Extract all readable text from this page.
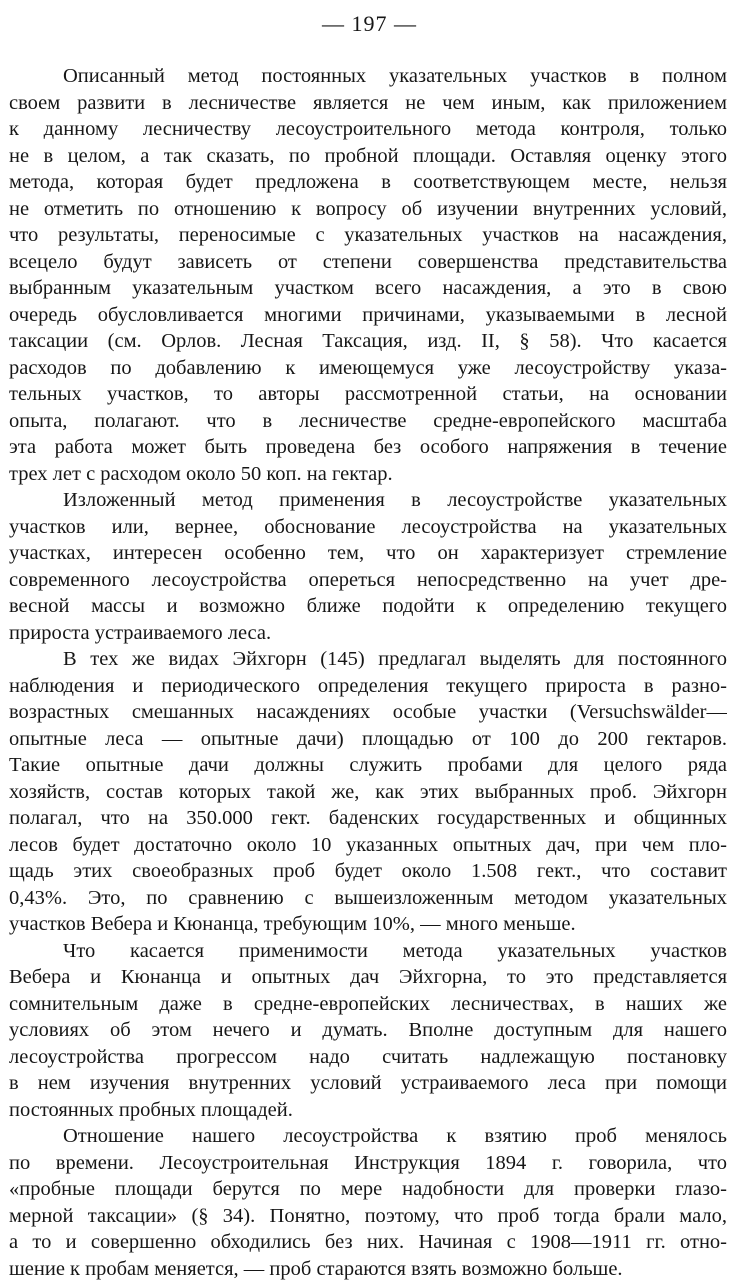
— 197 —
Описанный метод постоянных указательных участков в полном
своем развити в лесничестве является не чем иным, как приложением
к данному лесничеству лесоустроительного метода контроля, только
не в целом, а так сказать, по пробной площади. Оставляя оценку этого
метода, которая будет предложена в соответствующем месте, нельзя
не отметить по отношению к вопросу об изучении внутренних условий,
что результаты, переносимые с указательных участков на насаждения,
всецело будут зависеть от степени совершенства представительства
выбранным указательным участком всего насаждения, а это в свою
очередь обусловливается многими причинами, указываемыми в лесной
таксации (см. Орлов. Лесная Таксация, изд. II, § 58). Что касается
расходов по добавлению к имеющемуся уже лесоустройству указа-
тельных участков, то авторы рассмотренной статьи, на основании
опыта, полагают. что в лесничестве средне-европейского масштаба
эта работа может быть проведена без особого напряжения в течение
трех лет с расходом около 50 коп. на гектар.
Изложенный метод применения в лесоустройстве указательных
участков или, вернее, обоснование лесоустройства на указательных
участках, интересен особенно тем, что он характеризует стремление
современного лесоустройства опереться непосредственно на учет дре-
весной массы и возможно ближе подойти к определению текущего
прироста устраиваемого леса.
В тех же видах Эйхгорн (145) предлагал выделять для постоянного
наблюдения и периодического определения текущего прироста в разно-
возрастных смешанных насаждениях особые участки (Versuchswälder—
опытные леса — опытные дачи) площадью от 100 до 200 гектаров.
Такие опытные дачи должны служить пробами для целого ряда
хозяйств, состав которых такой же, как этих выбранных проб. Эйхгорн
полагал, что на 350.000 гект. баденских государственных и общинных
лесов будет достаточно около 10 указанных опытных дач, при чем пло-
щадь этих своеобразных проб будет около 1.508 гект., что составит
0,43%. Это, по сравнению с вышеизложенным методом указательных
участков Вебера и Кюнанца, требующим 10%, — много меньше.
Что касается применимости метода указательных участков
Вебера и Кюнанца и опытных дач Эйхгорна, то это представляется
сомнительным даже в средне-европейских лесничествах, в наших же
условиях об этом нечего и думать. Вполне доступным для нашего
лесоустройства прогрессом надо считать надлежащую постановку
в нем изучения внутренних условий устраиваемого леса при помощи
постоянных пробных площадей.
Отношение нашего лесоустройства к взятию проб менялось
по времени. Лесоустроительная Инструкция 1894 г. говорила, что
«пробные площади берутся по мере надобности для проверки глазо-
мерной таксации» (§ 34). Понятно, поэтому, что проб тогда брали мало,
а то и совершенно обходились без них. Начиная с 1908—1911 гг. отно-
шение к пробам меняется, — проб стараются взять возможно больше.
